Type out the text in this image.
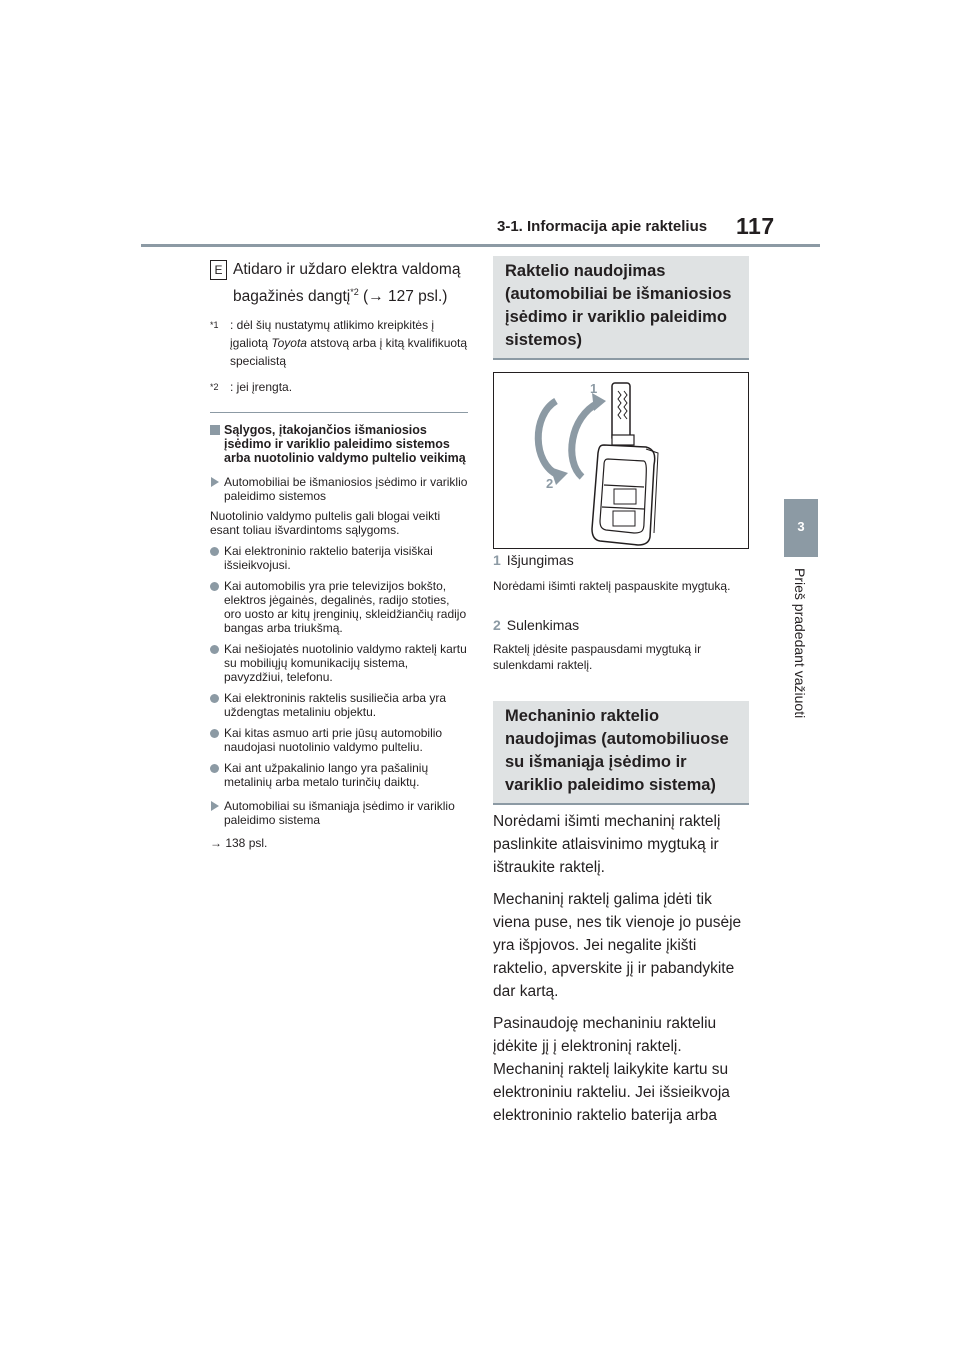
3-1. Informacija apie raktelius 117
3
Prieš pradedant važiuoti
E Atidaro ir uždaro elektra valdomą bagažinės dangtį$^{*2}$ (→ 127 psl.)
$^{*1}$ : dėl šių nustatymų atlikimo kreipkitės į įgaliotą Toyota atstovą arba į kitą kvalifikuotą specialistą
$^{*2}$ : jei įrengta.
Sąlygos, įtakojančios išmaniosios įsėdimo ir variklio paleidimo sistemos arba nuotolinio valdymo pultelio veikimą
Automobiliai be išmaniosios įsėdimo ir variklio paleidimo sistemos
Nuotolinio valdymo pultelis gali blogai veikti esant toliau išvardintoms sąlygoms.
Kai elektroninio raktelio baterija visiškai išsieikvojusi.
Kai automobilis yra prie televizijos bokšto, elektros jėgainės, degalinės, radijo stoties, oro uosto ar kitų įrenginių, skleidžiančių radijo bangas arba triukšmą.
Kai nešiojatės nuotolinio valdymo raktelį kartu su mobiliųjų komunikacijų sistema, pavyzdžiui, telefonu.
Kai elektroninis raktelis susiliečia arba yra uždengtas metaliniu objektu.
Kai kitas asmuo arti prie jūsų automobilio naudojasi nuotolinio valdymo pulteliu.
Kai ant užpakalinio lango yra pašalinių metalinių arba metalo turinčių daiktų.
Automobiliai su išmaniąja įsėdimo ir variklio paleidimo sistema
→ 138 psl.
Raktelio naudojimas (automobiliai be išmaniosios įsėdimo ir variklio paleidimo sistemos)
1
2
1 Išjungimas
Norėdami išimti raktelį paspauskite mygtuką.
2 Sulenkimas
Raktelį įdėsite paspausdami mygtuką ir sulenkdami raktelį.
Mechaninio raktelio naudojimas (automobiliuose su išmaniąja įsėdimo ir variklio paleidimo sistema)

Norėdami išimti mechaninį raktelį paslinkite atlaisvinimo mygtuką ir ištraukite raktelį.

Mechaninį raktelį galima įdėti tik viena puse, nes tik vienoje jo pusėje yra išpjovos. Jei negalite įkišti raktelio, apverskite jį ir pabandykite dar kartą.

Pasinaudoję mechaniniu rakteliu įdėkite jį į elektroninį raktelį. Mechaninį raktelį laikykite kartu su elektroniniu rakteliu. Jei išsieikvoja elektroninio raktelio baterija arba
